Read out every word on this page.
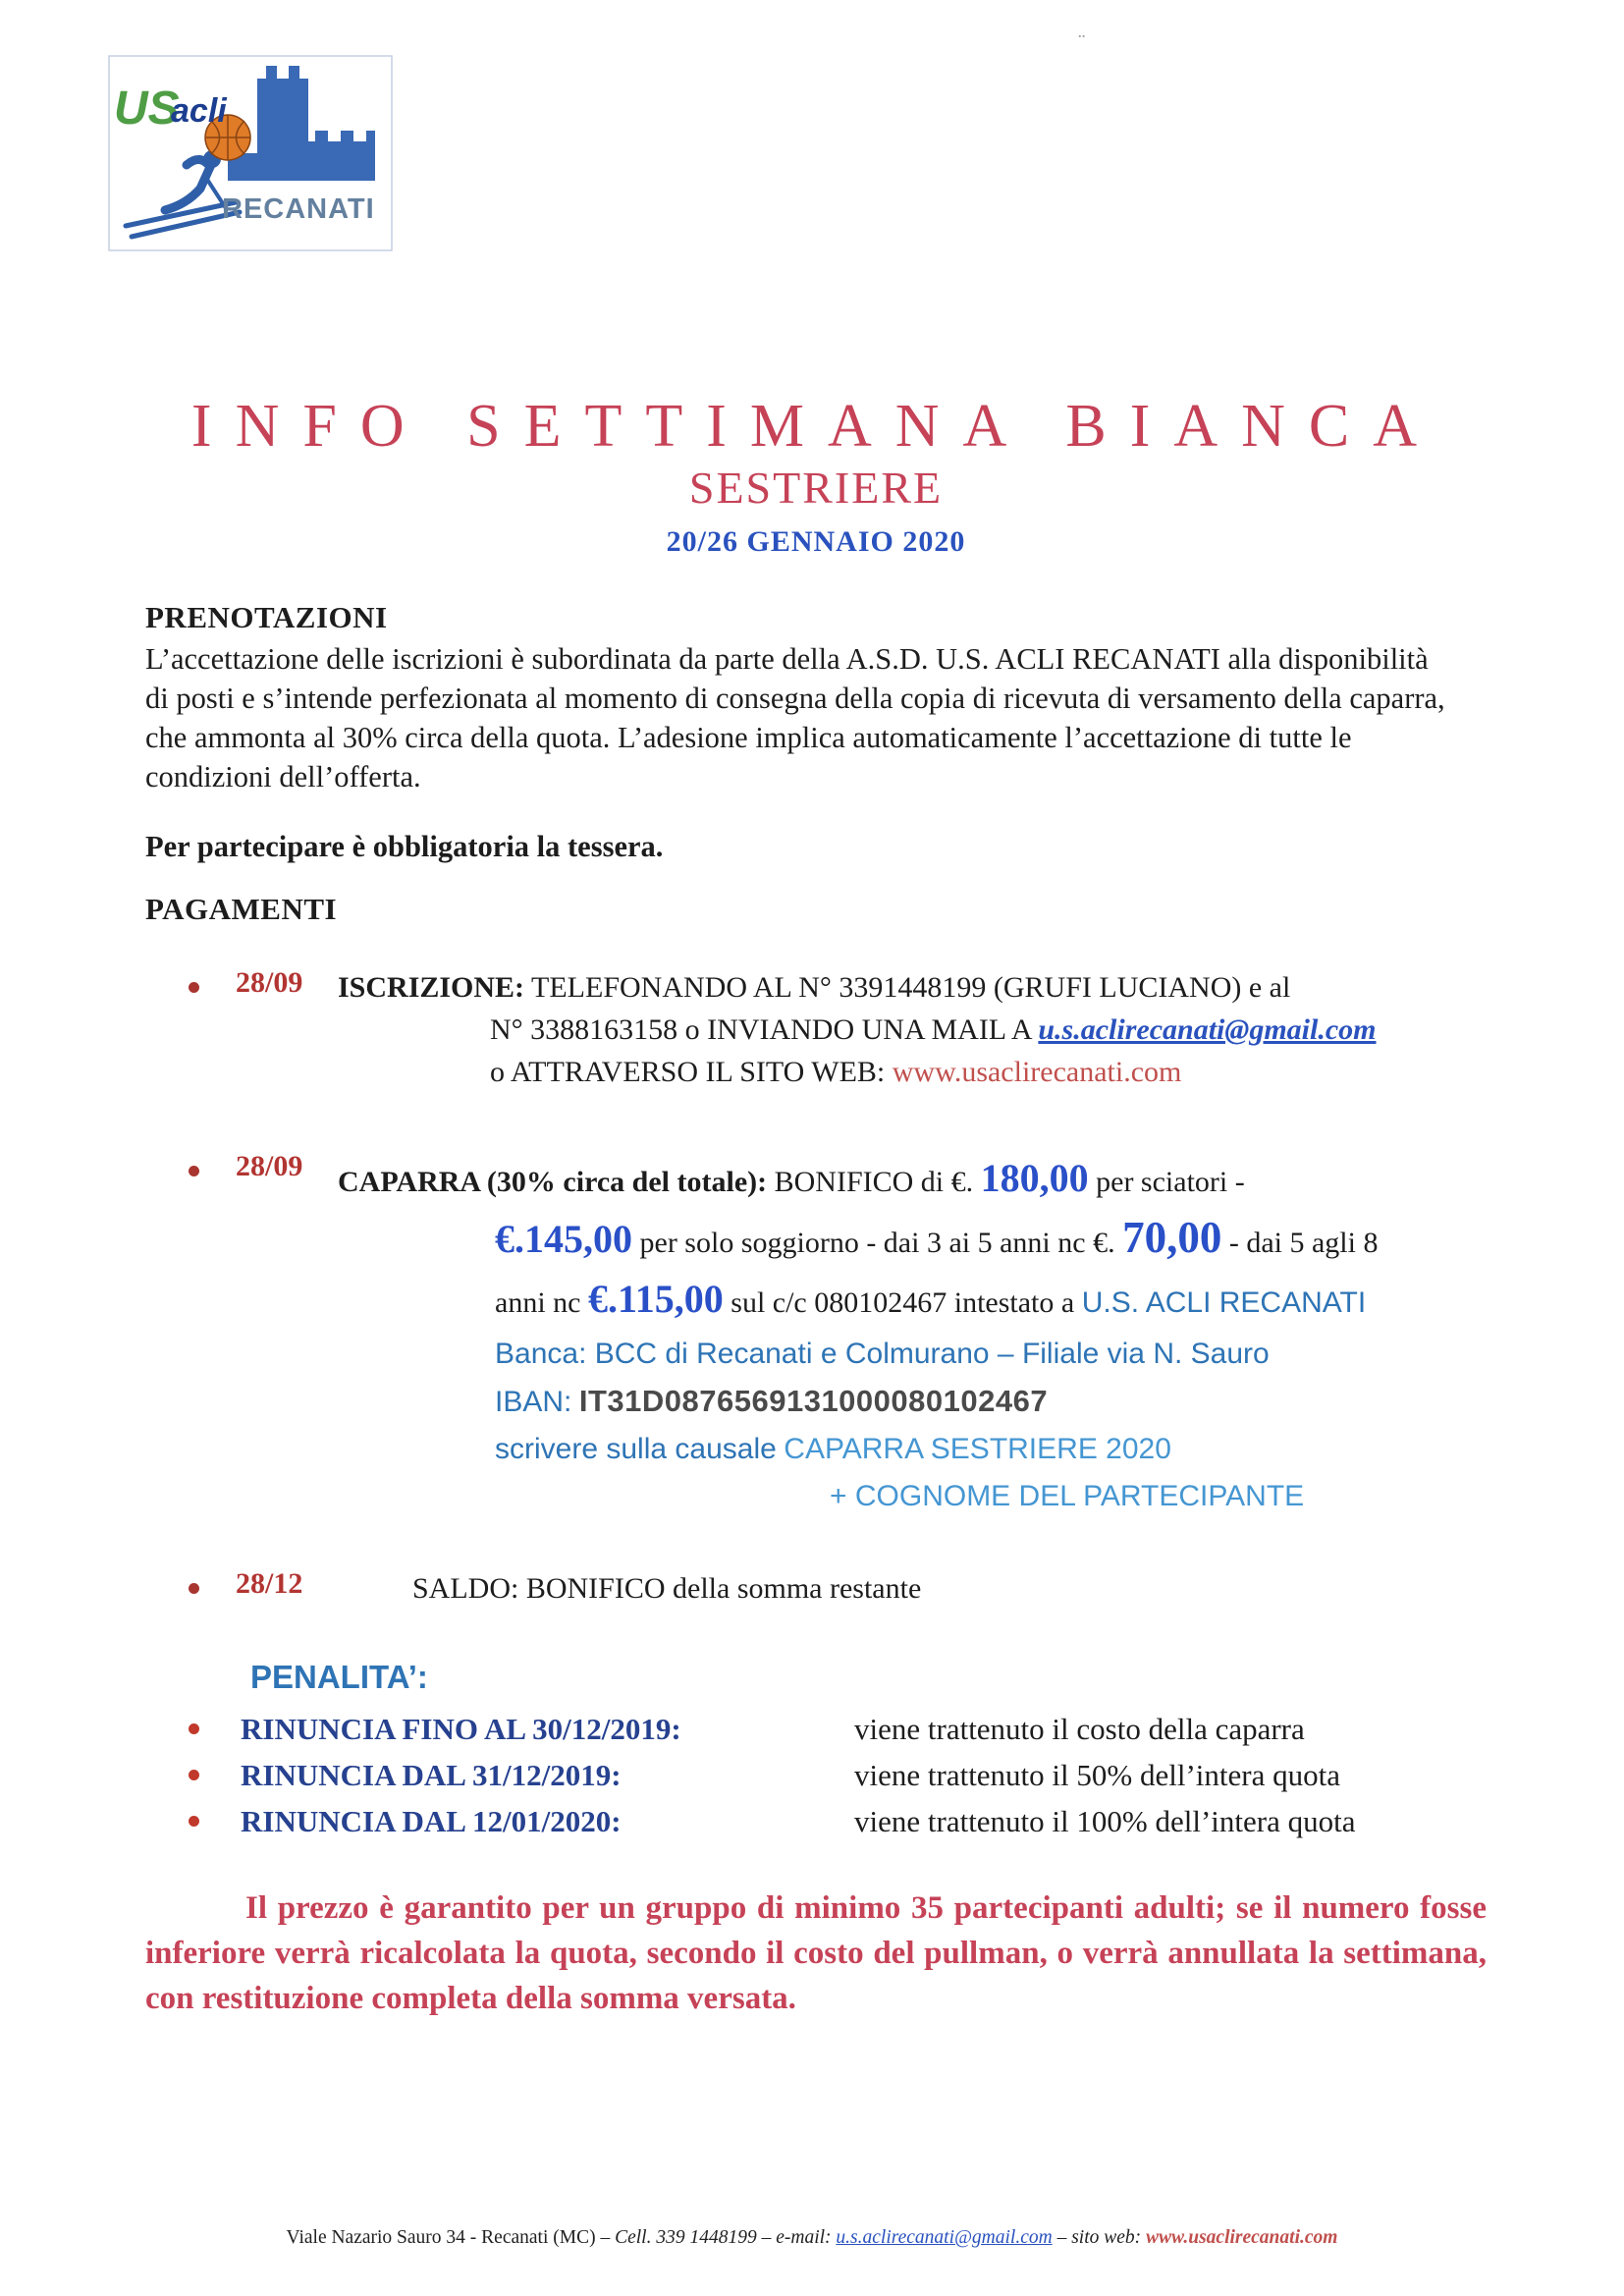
¨
US
acli
RECANATI
INFO SETTIMANA BIANCA
SESTRIERE
20/26 GENNAIO 2020
PRENOTAZIONI

L’accettazione delle iscrizioni è subordinata da parte della A.S.D. U.S. ACLI RECANATI alla disponibilità di posti e s’intende perfezionata al momento di consegna della copia di ricevuta di versamento della caparra, che ammonta al 30% circa della quota. L’adesione implica automaticamente l’accettazione di tutte le condizioni dell’offerta.

Per partecipare è obbligatoria la tessera.
PAGAMENTI
28/09	ISCRIZIONE: TELEFONANDO AL N° 3391448199 (GRUFI LUCIANO) e al
N° 3388163158 o INVIANDO UNA MAIL A u.s.aclirecanati@gmail.com
o ATTRAVERSO IL SITO WEB: www.usaclirecanati.com
28/09	CAPARRA (30% circa del totale): BONIFICO di €. 180,00 per sciatori -
€.145,00 per solo soggiorno - dai 3 ai 5 anni nc €. 70,00 - dai 5 agli 8
anni nc €.115,00 sul c/c 080102467 intestato a U.S. ACLI RECANATI
Banca: BCC di Recanati e Colmurano – Filiale via N. Sauro
IBAN: IT31D0876569131000080102467
scrivere sulla causale CAPARRA SESTRIERE 2020
+ COGNOME DEL PARTECIPANTE
28/12	SALDO: BONIFICO della somma restante
PENALITA’:
RINUNCIA FINO AL 30/12/2019:	viene trattenuto il costo della caparra
RINUNCIA DAL 31/12/2019:	viene trattenuto il 50% dell’intera quota
RINUNCIA DAL 12/01/2020:	viene trattenuto il 100% dell’intera quota

Il prezzo è garantito per un gruppo di minimo 35 partecipanti adulti; se il numero fosse inferiore verrà ricalcolata la quota, secondo il costo del pullman, o verrà annullata la settimana, con restituzione completa della somma versata.

Viale Nazario Sauro 34 - Recanati (MC) – Cell. 339 1448199 – e-mail: u.s.aclirecanati@gmail.com – sito web: www.usaclirecanati.com
